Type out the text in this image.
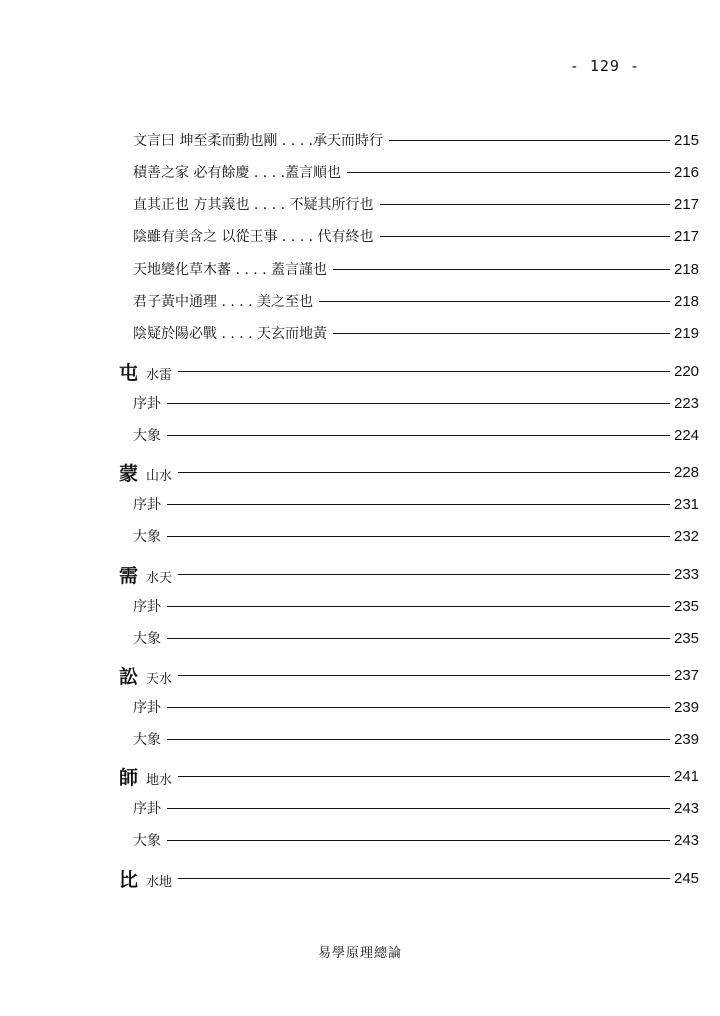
- 129 -
文言曰 坤至柔而動也剛 . . . .承天而時行	215
積善之家 必有餘慶 . . . .蓋言順也	216
直其正也 方其義也 . . . . 不疑其所行也	217
陰雖有美含之 以從王事 . . . . 代有終也	217
天地變化草木蕃 . . . . 蓋言謹也	218
君子黃中通理 . . . . 美之至也	218
陰疑於陽必戰 . . . . 天玄而地黃	219
屯 水雷	220
序卦	223
大象	224
蒙 山水	228
序卦	231
大象	232
需 水天	233
序卦	235
大象	235
訟 天水	237
序卦	239
大象	239
師 地水	241
序卦	243
大象	243
比 水地	245
易學原理總論
